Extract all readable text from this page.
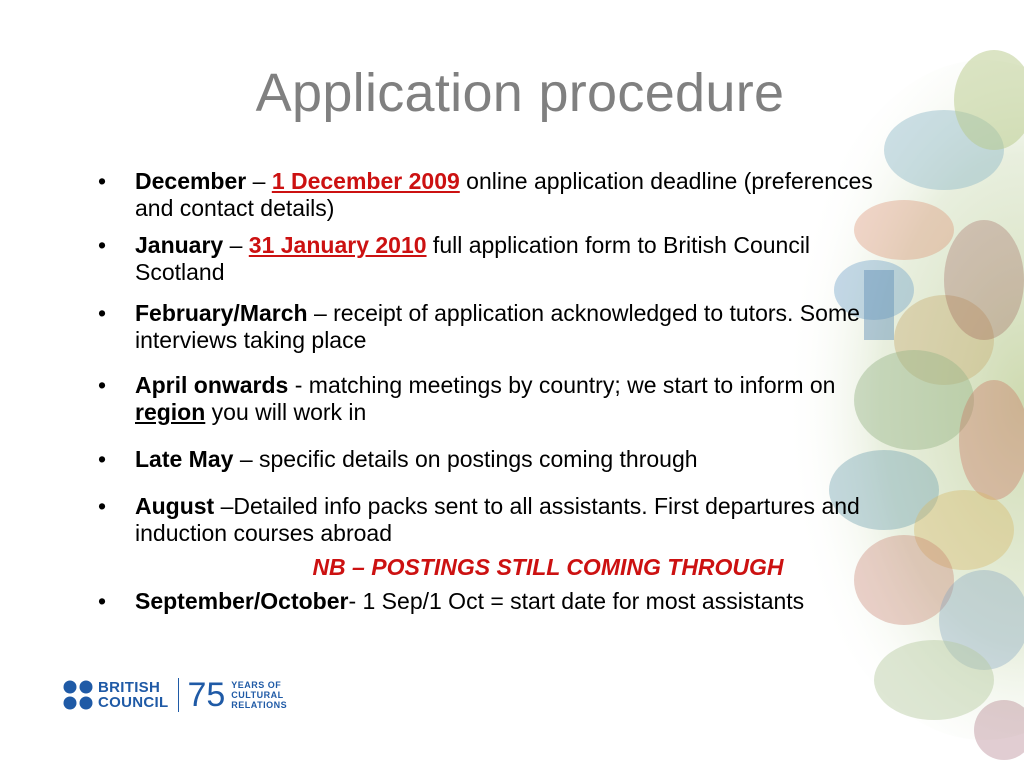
Application procedure
• December – 1 December 2009 online application deadline (preferences and contact details)
• January – 31 January 2010 full application form to British Council Scotland
• February/March – receipt of application acknowledged to tutors. Some interviews taking place
• April onwards - matching meetings by country; we start to inform on region you will work in
• Late May – specific details on postings coming through
• August –Detailed info packs sent to all assistants. First departures and induction courses abroad
NB – POSTINGS STILL COMING THROUGH
• September/October- 1 Sep/1 Oct = start date for most assistants
BRITISH
COUNCIL 75 YEARS OF
CULTURAL
RELATIONS
